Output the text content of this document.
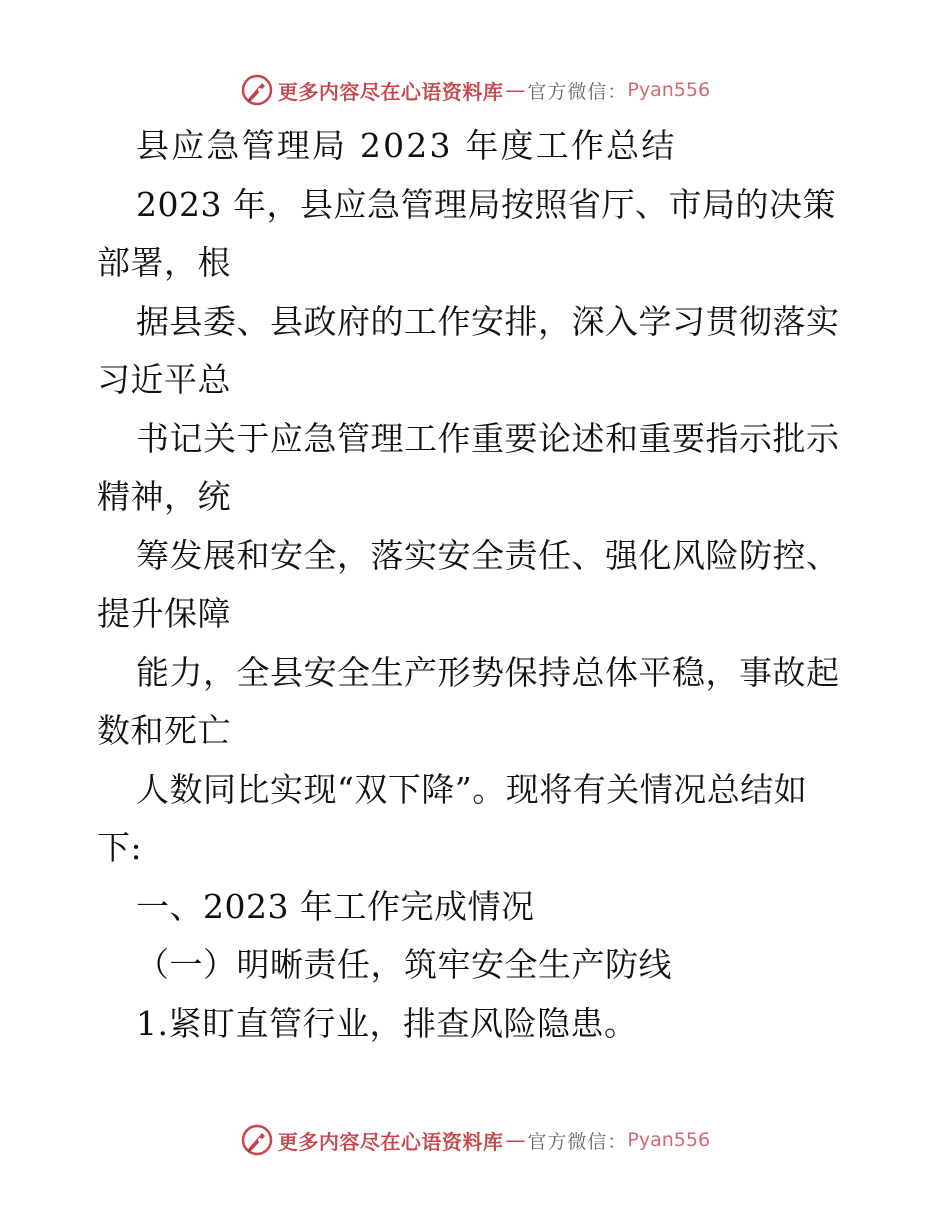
更多内容尽在心语资料库 — 官方微信： Pyan556
县应急管理局 2023 年度工作总结
2023 年，县应急管理局按照省厅、市局的决策
部署，根
据县委、县政府的工作安排，深入学习贯彻落实
习近平总
书记关于应急管理工作重要论述和重要指示批示
精神，统
筹发展和安全，落实安全责任、强化风险防控、
提升保障
能力，全县安全生产形势保持总体平稳，事故起
数和死亡
人数同比实现“双下降”。现将有关情况总结如
下:
一、2023 年工作完成情况
（一）明晰责任，筑牢安全生产防线
1.紧盯直管行业，排查风险隐患。
更多内容尽在心语资料库 — 官方微信： Pyan556
